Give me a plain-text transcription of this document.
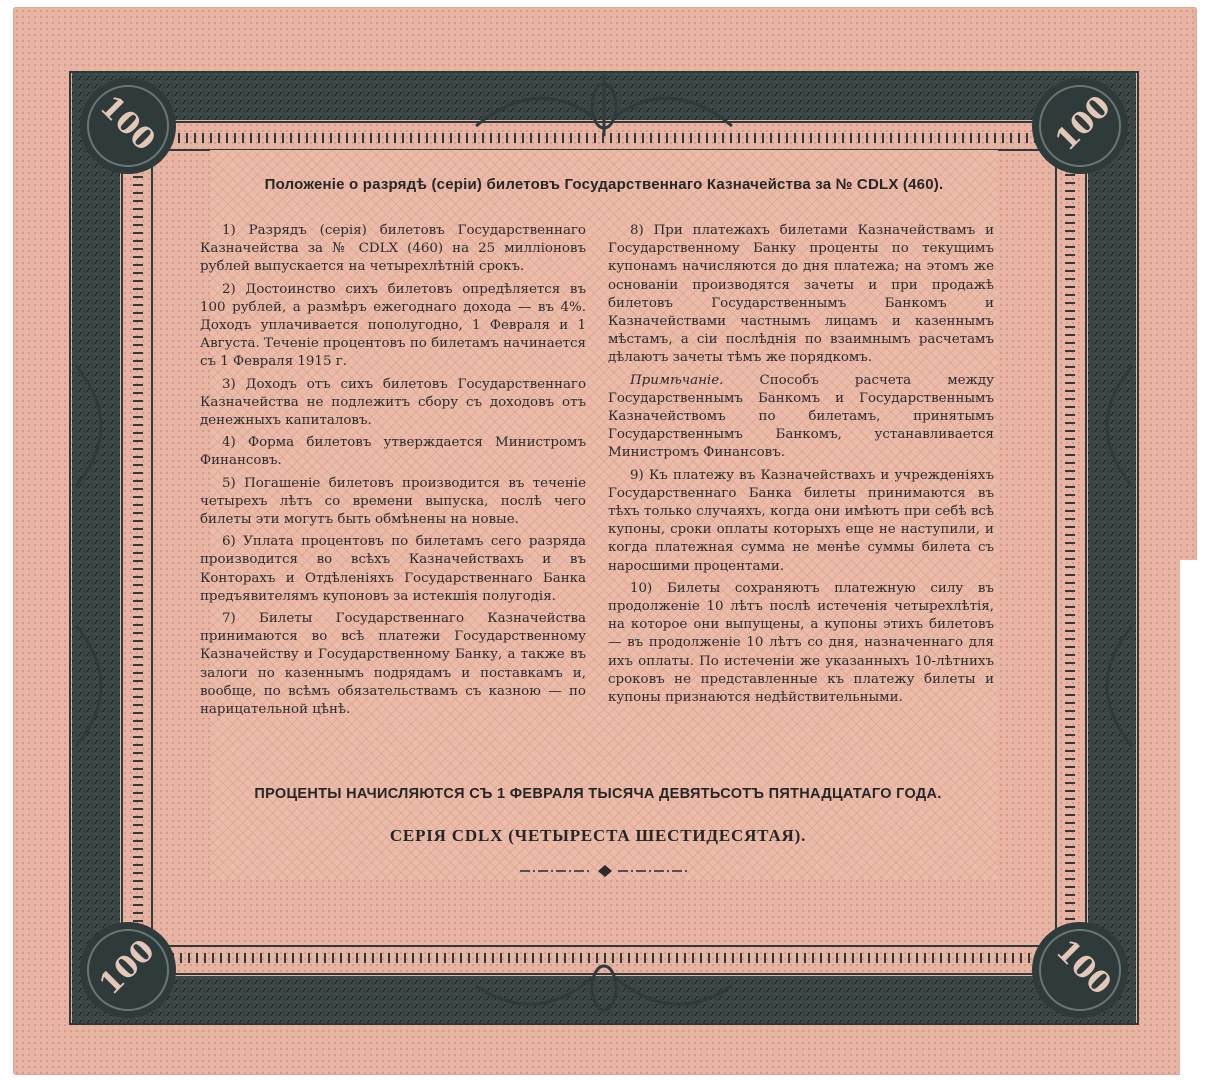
100	100
100	100
Положенiе о разрядѣ (серiи) билетовъ Государственнаго Казначейства за № CDLX (460).

1) Разрядъ (серiя) билетовъ Государственнаго Казначейства за № CDLX (460) на 25 миллiоновъ рублей выпускается на четырехлѣтнiй срокъ.

2) Достоинство сихъ билетовъ опредѣляется въ 100 рублей, а размѣръ ежегоднаго дохода — въ 4%. Доходъ уплачивается пополугодно, 1 Февраля и 1 Августа. Теченiе процентовъ по билетамъ начинается съ 1 Февраля 1915 г.

3) Доходъ отъ сихъ билетовъ Государственнаго Казначейства не подлежитъ сбору съ доходовъ отъ денежныхъ капиталовъ.

4) Форма билетовъ утверждается Министромъ Финансовъ.

5) Погашенiе билетовъ производится въ теченiе четырехъ лѣтъ со времени выпуска, послѣ чего билеты эти могутъ быть обмѣнены на новые.

6) Уплата процентовъ по билетамъ сего разряда производится во всѣхъ Казначействахъ и въ Конторахъ и Отдѣленiяхъ Государственнаго Банка предъявителямъ купоновъ за истекшiя полугодiя.

7) Билеты Государственнаго Казначейства принимаются во всѣ платежи Государственному Казначейству и Государственному Банку, а также въ залоги по казеннымъ подрядамъ и поставкамъ и, вообще, по всѣмъ обязательствамъ съ казною — по нарицательной цѣнѣ.

8) При платежахъ билетами Казначействамъ и Государственному Банку проценты по текущимъ купонамъ начисляются до дня платежа; на этомъ же основанiи производятся зачеты и при продажѣ билетовъ Государственнымъ Банкомъ и Казначействами частнымъ лицамъ и казеннымъ мѣстамъ, а сiи послѣднiя по взаимнымъ расчетамъ дѣлаютъ зачеты тѣмъ же порядкомъ.

Примѣчанiе. Способъ расчета между Государственнымъ Банкомъ и Государственнымъ Казначействомъ по билетамъ, принятымъ Государственнымъ Банкомъ, устанавливается Министромъ Финансовъ.

9) Къ платежу въ Казначействахъ и учрежденiяхъ Государственнаго Банка билеты принимаются въ тѣхъ только случаяхъ, когда они имѣютъ при себѣ всѣ купоны, сроки оплаты которыхъ еще не наступили, и когда платежная сумма не менѣе суммы билета съ наросшими процентами.

10) Билеты сохраняютъ платежную силу въ продолженiе 10 лѣтъ послѣ истеченiя четырехлѣтiя, на которое они выпущены, а купоны этихъ билетовъ — въ продолженiе 10 лѣтъ со дня, назначеннаго для ихъ оплаты. По истеченiи же указанныхъ 10-лѣтнихъ сроковъ не представленные къ платежу билеты и купоны признаются недѣйствительными.

ПРОЦЕНТЫ НАЧИСЛЯЮТСЯ СЪ 1 ФЕВРАЛЯ ТЫСЯЧА ДЕВЯТЬСОТЪ ПЯТНАДЦАТАГО ГОДА.
СЕРIЯ CDLX (ЧЕТЫРЕСТА ШЕСТИДЕСЯТАЯ).
